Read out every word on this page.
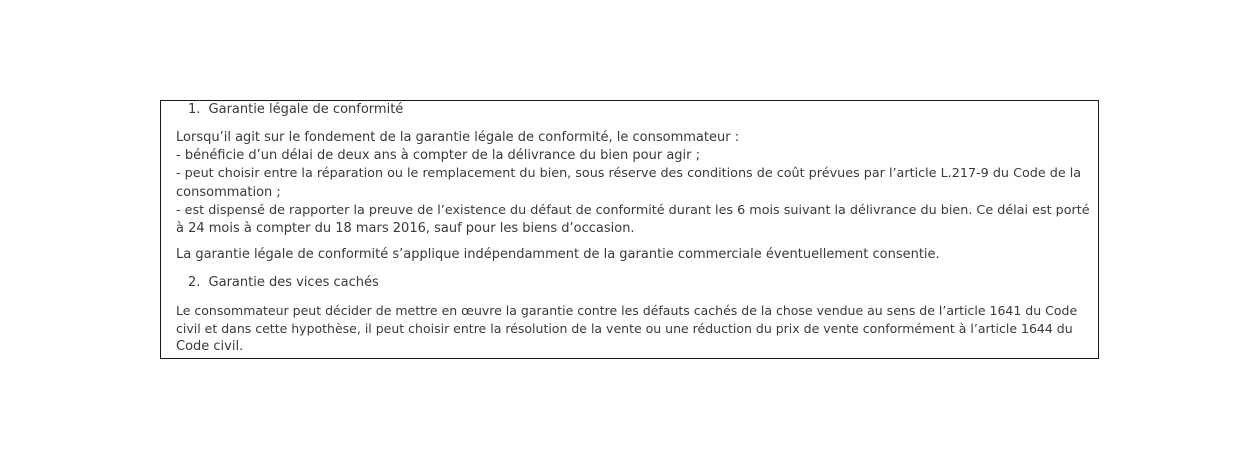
1. Garantie légale de conformité

Lorsqu’il agit sur le fondement de la garantie légale de conformité, le consommateur :
- bénéficie d’un délai de deux ans à compter de la délivrance du bien pour agir ;
- peut choisir entre la réparation ou le remplacement du bien, sous réserve des conditions de coût prévues par l’article L.217-9 du Code de la
consommation ;
- est dispensé de rapporter la preuve de l’existence du défaut de conformité durant les 6 mois suivant la délivrance du bien. Ce délai est porté
à 24 mois à compter du 18 mars 2016, sauf pour les biens d’occasion.

La garantie légale de conformité s’applique indépendamment de la garantie commerciale éventuellement consentie.

2. Garantie des vices cachés

Le consommateur peut décider de mettre en œuvre la garantie contre les défauts cachés de la chose vendue au sens de l’article 1641 du Code
civil et dans cette hypothèse, il peut choisir entre la résolution de la vente ou une réduction du prix de vente conformément à l’article 1644 du
Code civil.
